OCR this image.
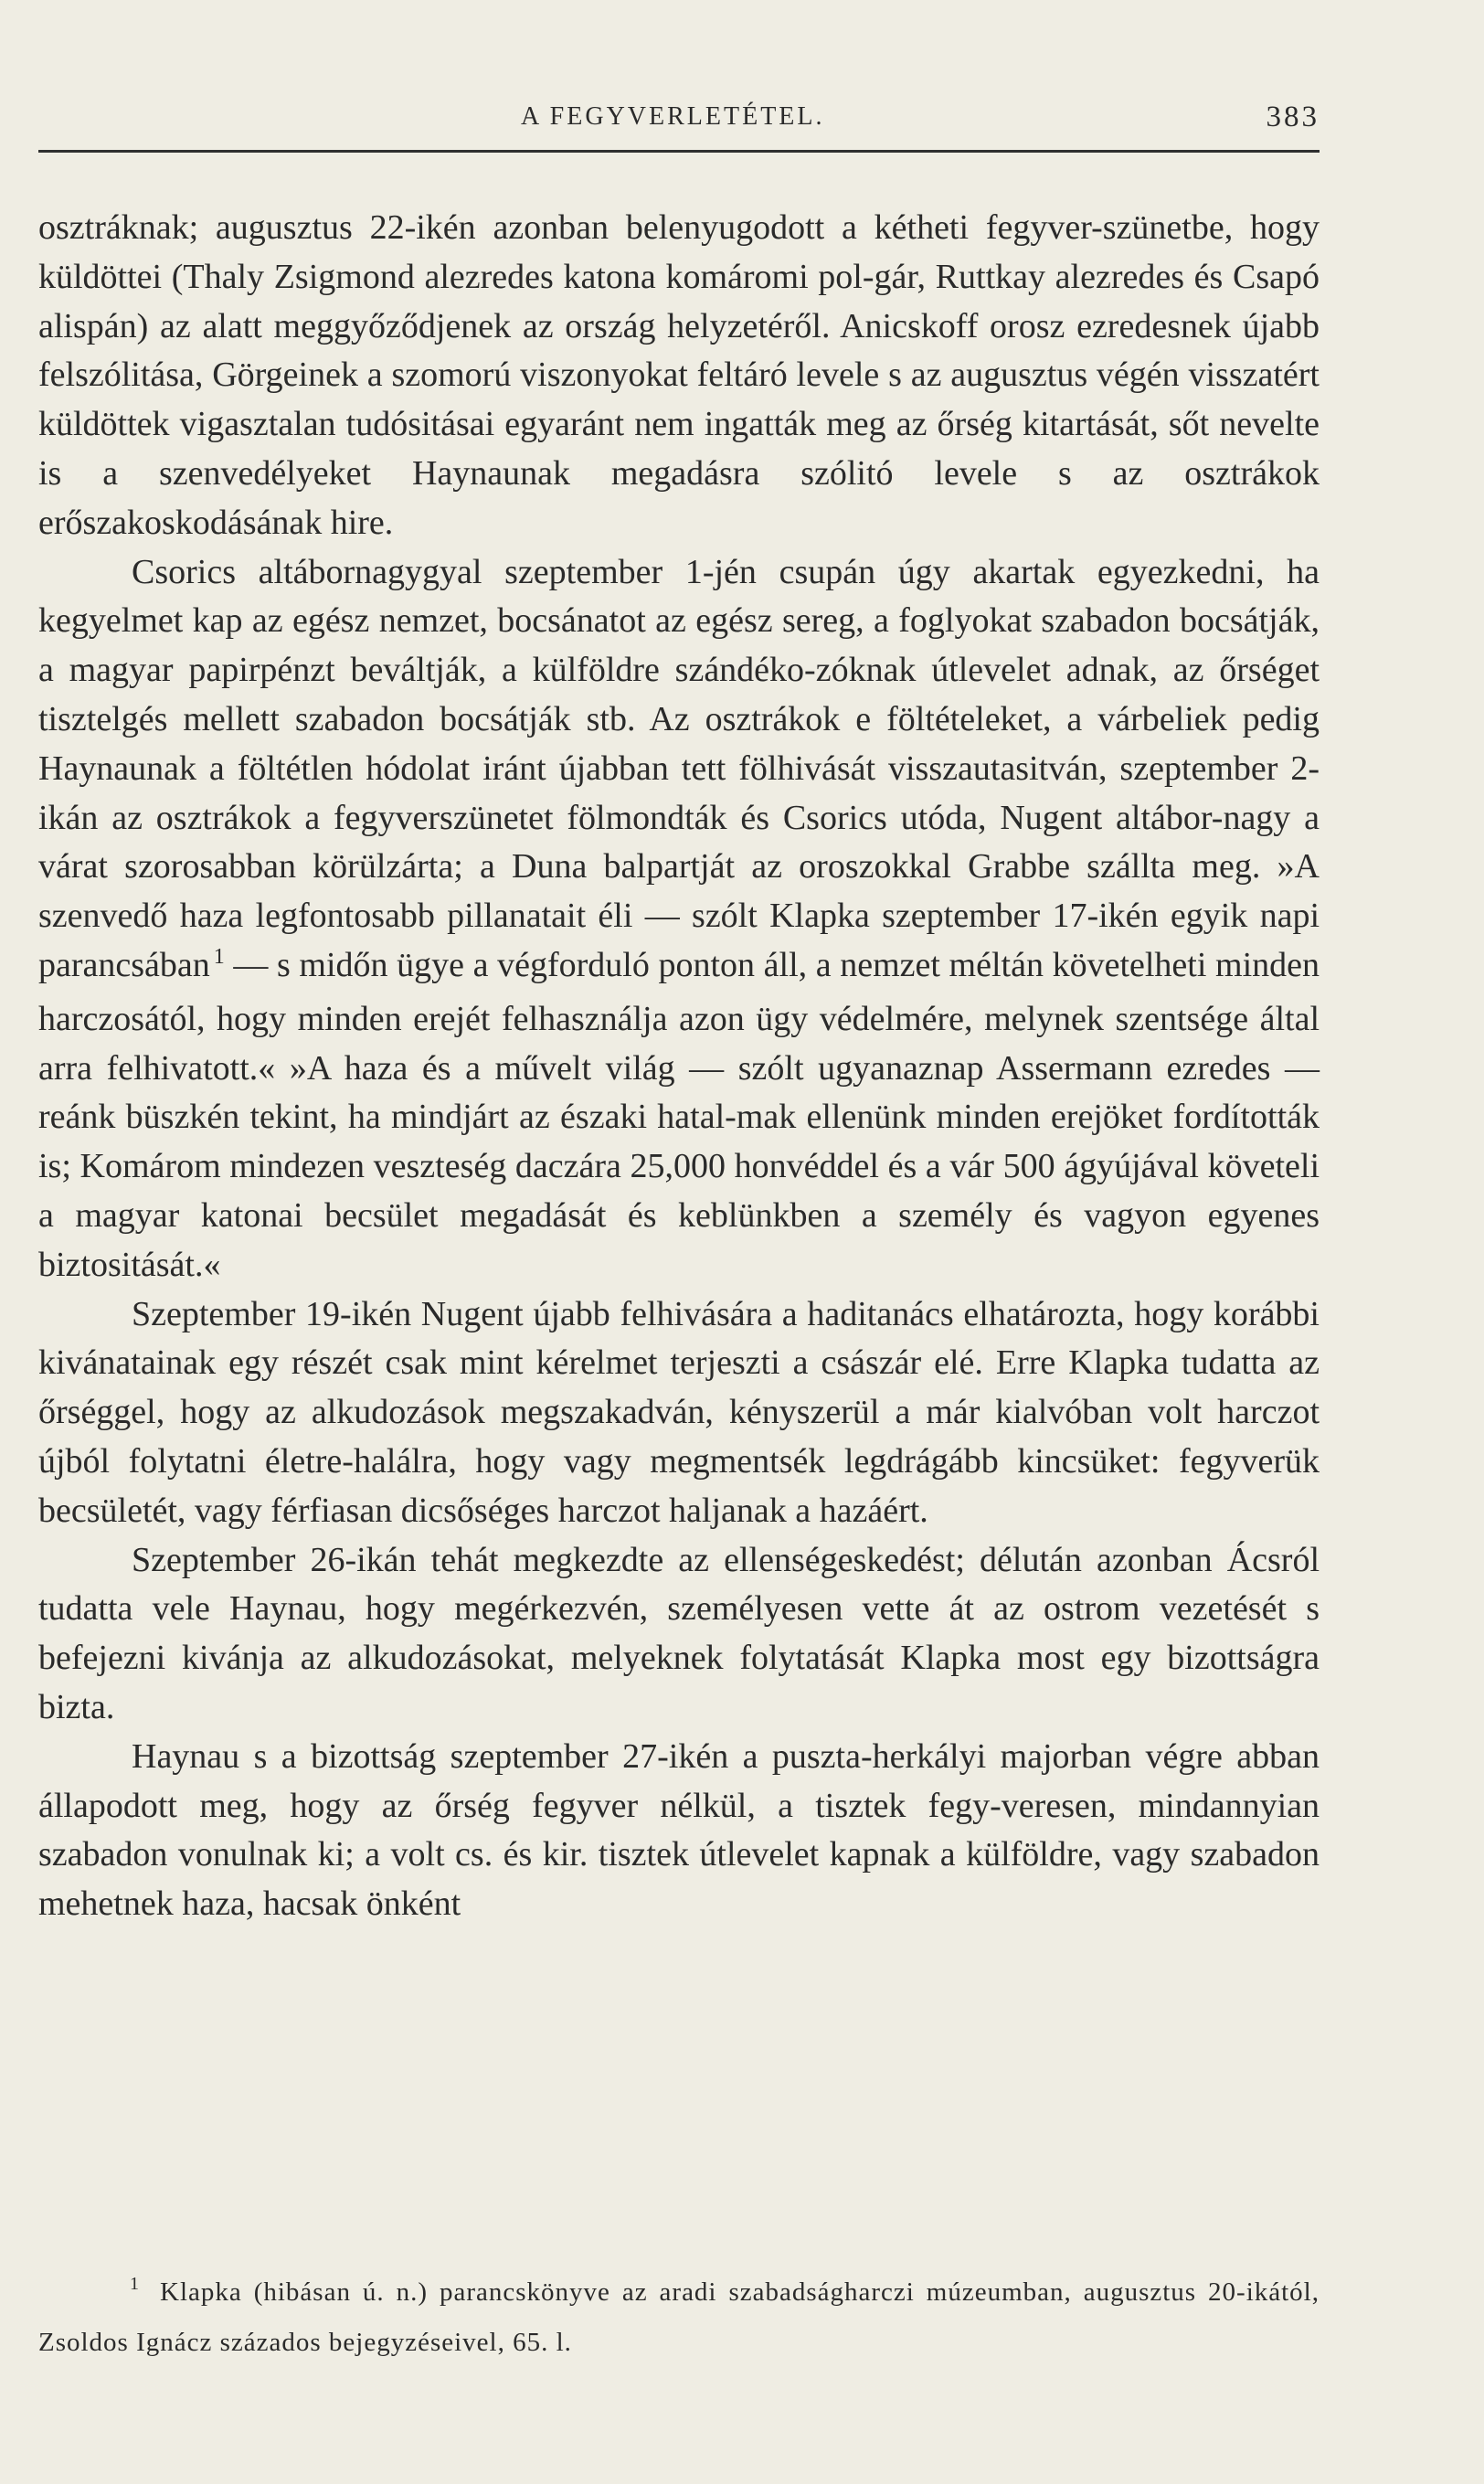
A FEGYVERLETÉTEL.	383

osztráknak; augusztus 22-ikén azonban belenyugodott a kétheti fegyver-szünetbe, hogy küldöttei (Thaly Zsigmond alezredes katona komáromi pol-gár, Ruttkay alezredes és Csapó alispán) az alatt meggyőződjenek az ország helyzetéről. Anicskoff orosz ezredesnek újabb felszólitása, Görgeinek a szomorú viszonyokat feltáró levele s az augusztus végén visszatért küldöttek vigasztalan tudósitásai egyaránt nem ingatták meg az őrség kitartását, sőt nevelte is a szenvedélyeket Haynaunak megadásra szólitó levele s az osztrákok erőszakoskodásának hire.

Csorics altábornagygyal szeptember 1-jén csupán úgy akartak egyezkedni, ha kegyelmet kap az egész nemzet, bocsánatot az egész sereg, a foglyokat szabadon bocsátják, a magyar papirpénzt beváltják, a külföldre szándéko-zóknak útlevelet adnak, az őrséget tisztelgés mellett szabadon bocsátják stb. Az osztrákok e föltételeket, a várbeliek pedig Haynaunak a föltétlen hódolat iránt újabban tett fölhivását visszautasitván, szeptember 2-ikán az osztrákok a fegyverszünetet fölmondták és Csorics utóda, Nugent altábor-nagy a várat szorosabban körülzárta; a Duna balpartját az oroszokkal Grabbe szállta meg. »A szenvedő haza legfontosabb pillanatait éli — szólt Klapka szeptember 17-ikén egyik napi parancsában $^1$ — s midőn ügye a végforduló ponton áll, a nemzet méltán követelheti minden harczosától, hogy minden erejét felhasználja azon ügy védelmére, melynek szentsége által arra felhivatott.« »A haza és a művelt világ — szólt ugyanaznap Assermann ezredes — reánk büszkén tekint, ha mindjárt az északi hatal-mak ellenünk minden erejöket fordították is; Komárom mindezen veszteség daczára 25,000 honvéddel és a vár 500 ágyújával követeli a magyar katonai becsület megadását és keblünkben a személy és vagyon egyenes biztositását.«

Szeptember 19-ikén Nugent újabb felhivására a haditanács elhatározta, hogy korábbi kivánatainak egy részét csak mint kérelmet terjeszti a császár elé. Erre Klapka tudatta az őrséggel, hogy az alkudozások megszakadván, kényszerül a már kialvóban volt harczot újból folytatni életre-halálra, hogy vagy megmentsék legdrágább kincsüket: fegyverük becsületét, vagy férfiasan dicsőséges harczot haljanak a hazáért.

Szeptember 26-ikán tehát megkezdte az ellenségeskedést; délután azonban Ácsról tudatta vele Haynau, hogy megérkezvén, személyesen vette át az ostrom vezetését s befejezni kivánja az alkudozásokat, melyeknek folytatását Klapka most egy bizottságra bizta.

Haynau s a bizottság szeptember 27-ikén a puszta-herkályi majorban végre abban állapodott meg, hogy az őrség fegyver nélkül, a tisztek fegy-veresen, mindannyian szabadon vonulnak ki; a volt cs. és kir. tisztek útlevelet kapnak a külföldre, vagy szabadon mehetnek haza, hacsak önként

$^1$ Klapka (hibásan ú. n.) parancskönyve az aradi szabadságharczi múzeumban, augusztus 20-ikától, Zsoldos Ignácz százados bejegyzéseivel, 65. l.
